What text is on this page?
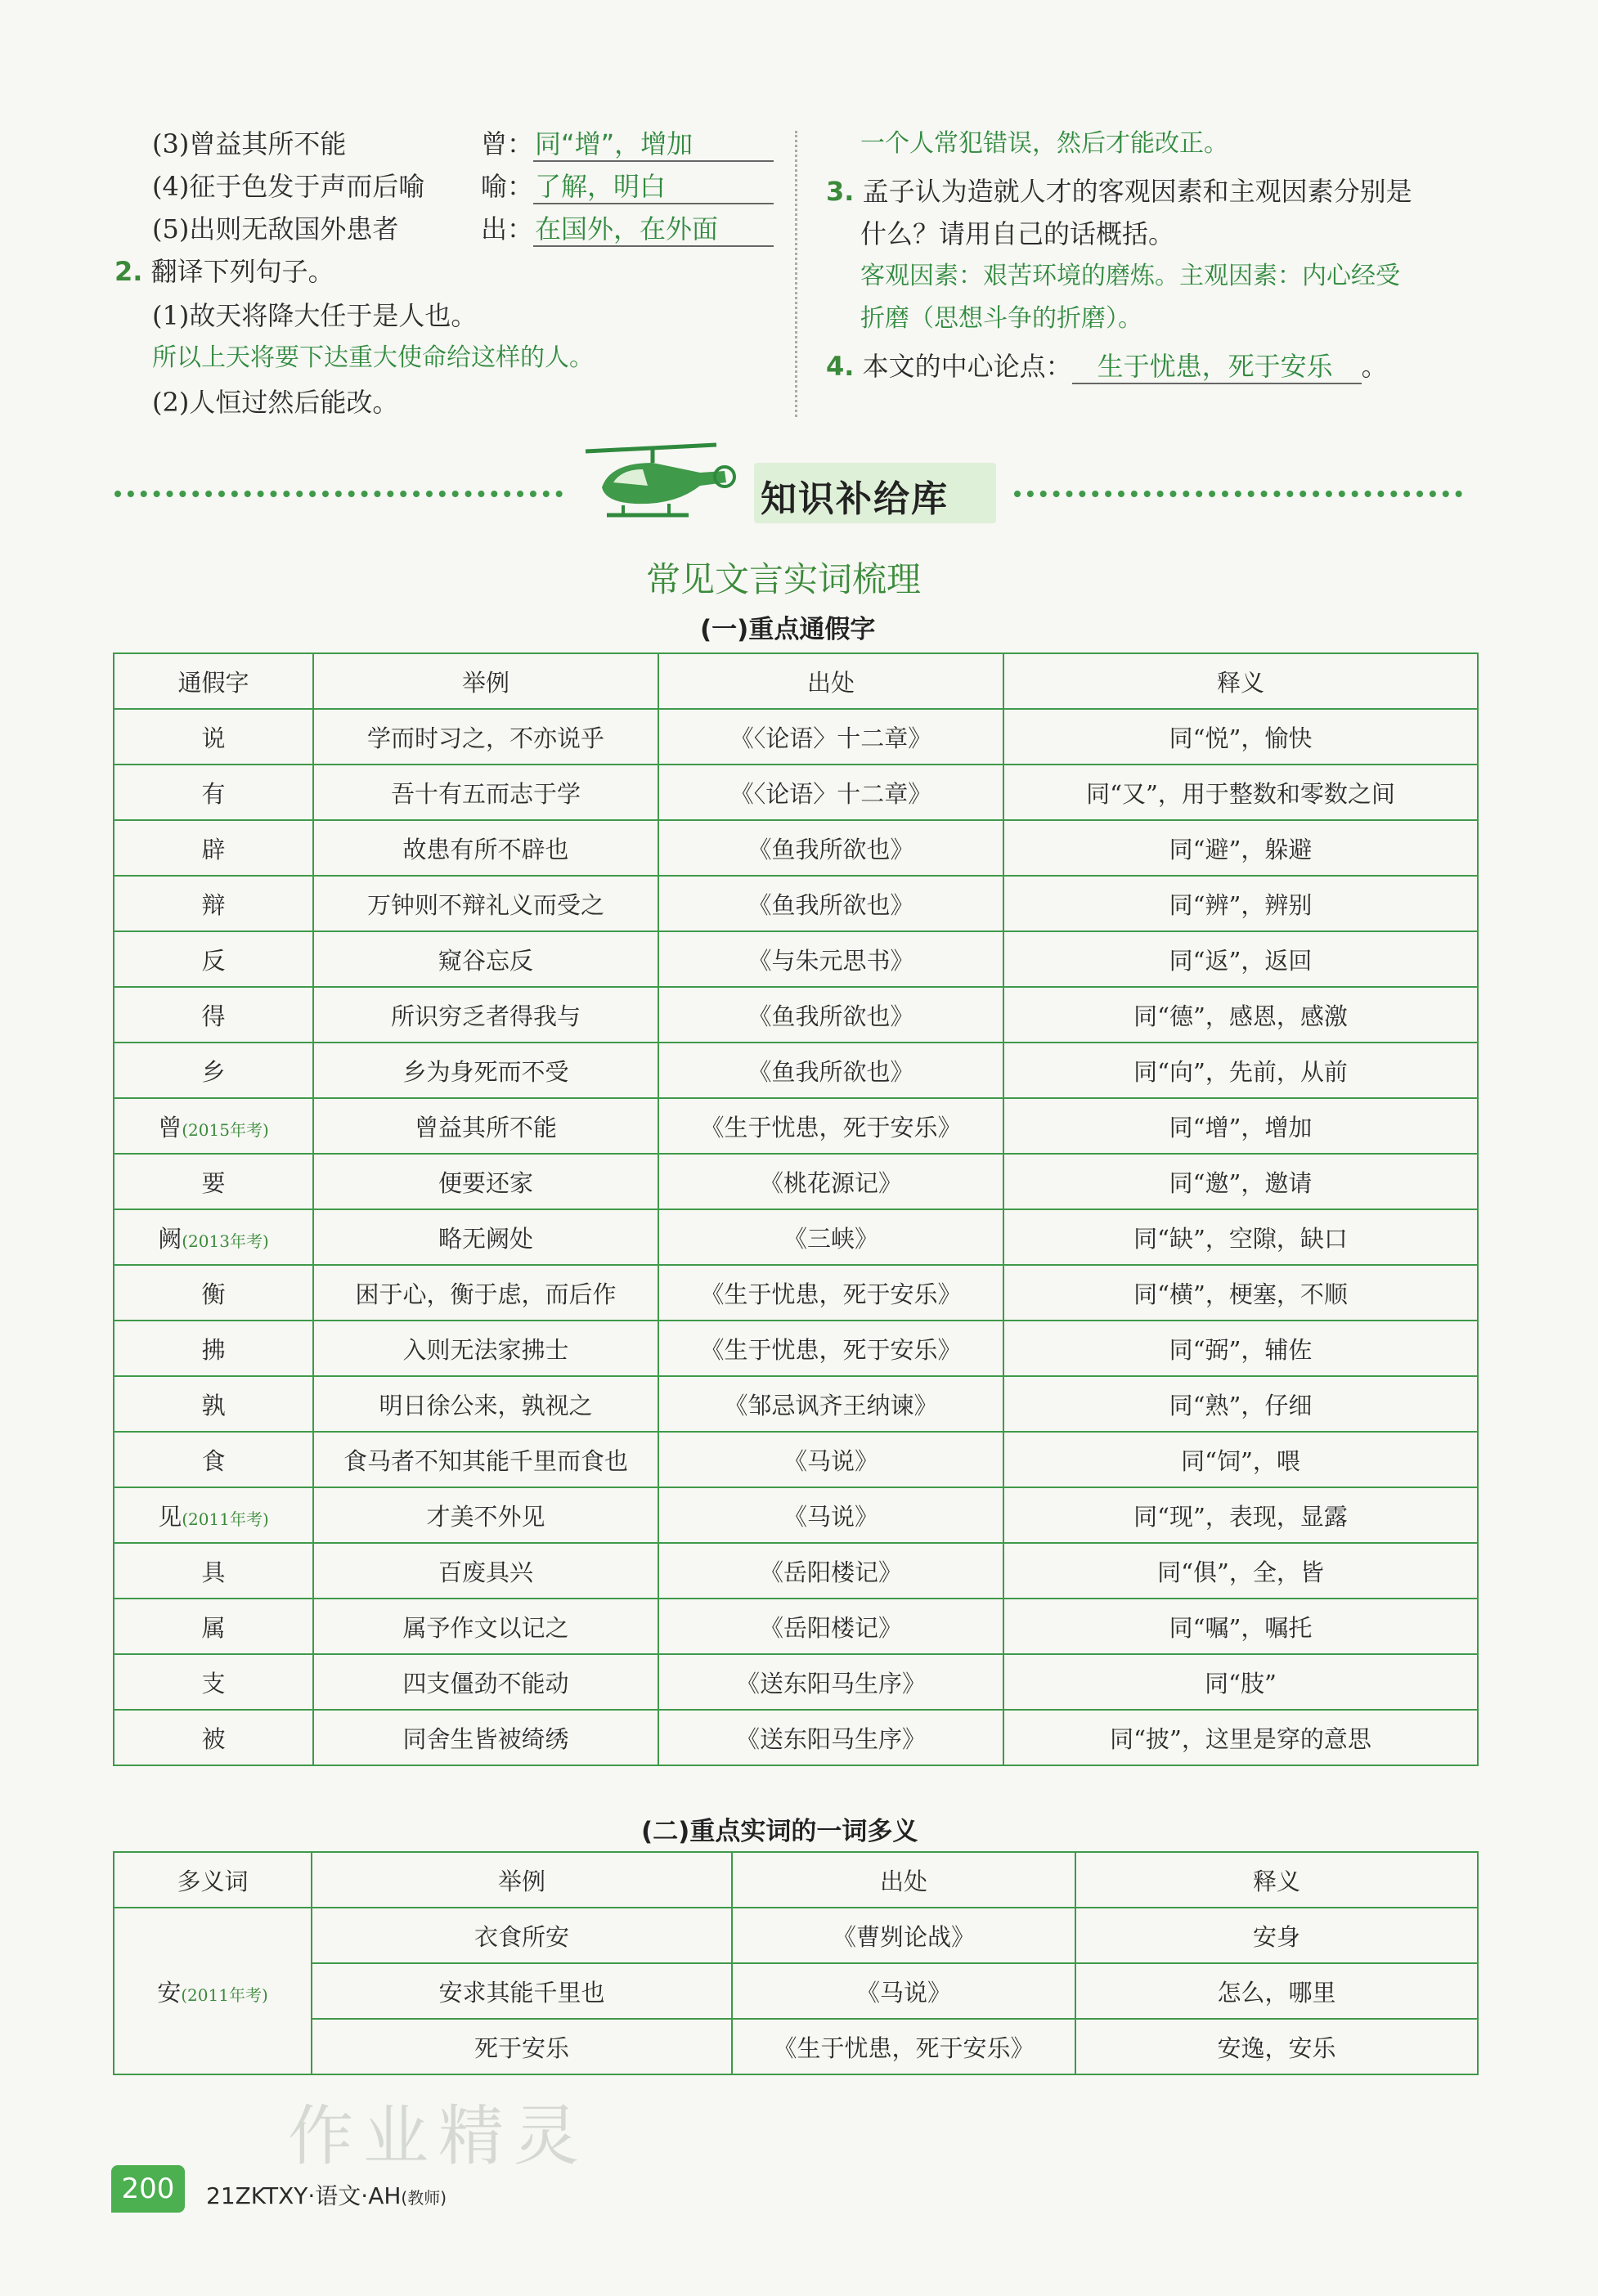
(3)曾益其所不能	曾：同“增”，增加
(4)征于色发于声而后喻 喻：了解，明白
(5)出则无敌国外患者	出：在国外，在外面
2. 翻译下列句子。
(1)故天将降大任于是人也。
所以上天将要下达重大使命给这样的人。
(2)人恒过然后能改。
一个人常犯错误，然后才能改正。
3. 孟子认为造就人才的客观因素和主观因素分别是
什么？请用自己的话概括。
客观因素：艰苦环境的磨炼。主观因素：内心经受
折磨（思想斗争的折磨）。
4. 本文的中心论点： 生于忧患，死于安乐 。
知识补给库
常见文言实词梳理
(一)重点通假字
通假字	举例	出处	释义
说	学而时习之，不亦说乎	《〈论语〉十二章》	同“悦”，愉快
有	吾十有五而志于学	《〈论语〉十二章》	同“又”，用于整数和零数之间
辟	故患有所不辟也	《鱼我所欲也》	同“避”，躲避
辩	万钟则不辩礼义而受之	《鱼我所欲也》	同“辨”，辨别
反	窥谷忘反	《与朱元思书》	同“返”，返回
得	所识穷乏者得我与	《鱼我所欲也》	同“德”，感恩，感激
乡	乡为身死而不受	《鱼我所欲也》	同“向”，先前，从前
曾(2015年考)	曾益其所不能	《生于忧患，死于安乐》	同“增”，增加
要	便要还家	《桃花源记》	同“邀”，邀请
阙(2013年考)	略无阙处	《三峡》	同“缺”，空隙，缺口
衡	困于心，衡于虑，而后作	《生于忧患，死于安乐》	同“横”，梗塞，不顺
拂	入则无法家拂士	《生于忧患，死于安乐》	同“弼”，辅佐
孰	明日徐公来，孰视之	《邹忌讽齐王纳谏》	同“熟”，仔细
食	食马者不知其能千里而食也	《马说》	同“饲”，喂
见(2011年考)	才美不外见	《马说》	同“现”，表现，显露
具	百废具兴	《岳阳楼记》	同“俱”，全，皆
属	属予作文以记之	《岳阳楼记》	同“嘱”，嘱托
支	四支僵劲不能动	《送东阳马生序》	同“肢”
被	同舍生皆被绮绣	《送东阳马生序》	同“披”，这里是穿的意思
(二)重点实词的一词多义
多义词	举例	出处	释义
安(2011年考)	衣食所安	《曹刿论战》	安身
	安求其能千里也	《马说》	怎么，哪里
	死于安乐	《生于忧患，死于安乐》	安逸，安乐
作业精灵
200	21ZKTXY·语文·AH(教师)
